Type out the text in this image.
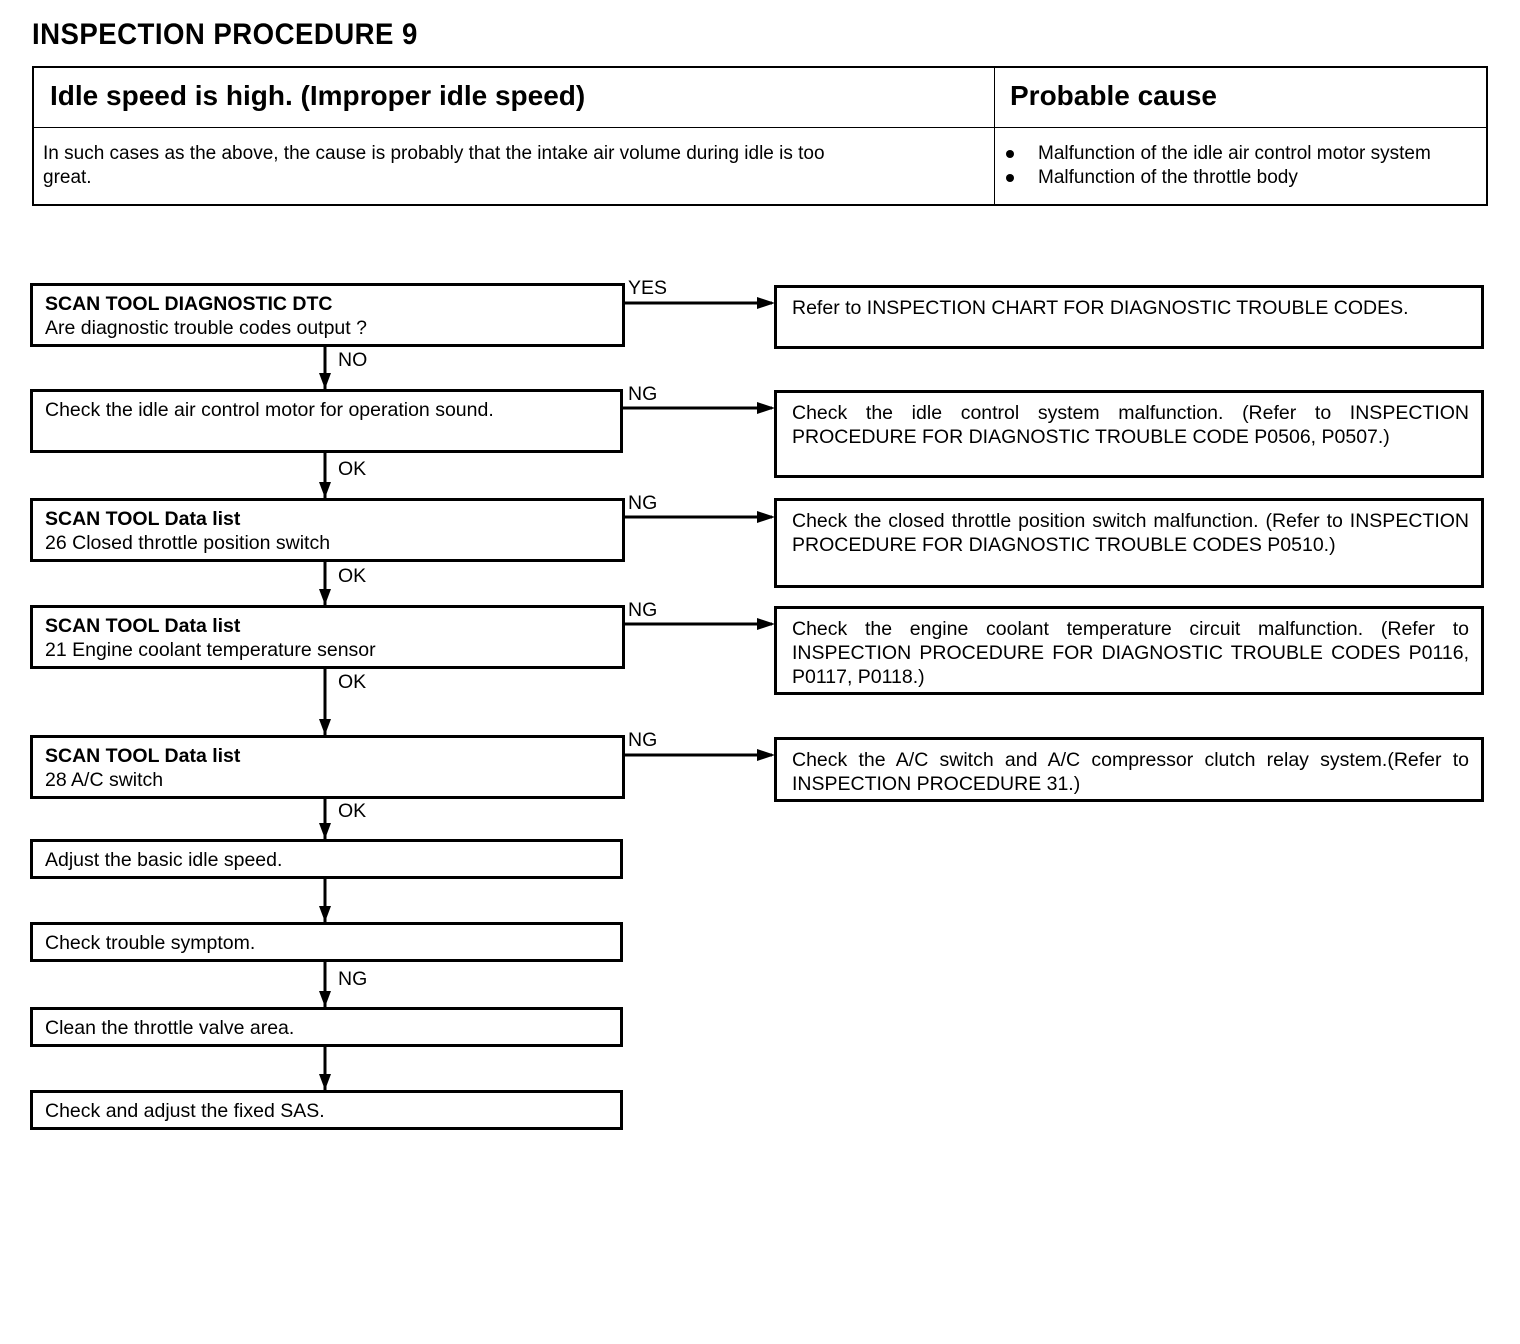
INSPECTION PROCEDURE 9
Idle speed is high. (Improper idle speed)	Probable cause
In such cases as the above, the cause is probably that the intake air volume during idle is too
great.
Malfunction of the idle air control motor system
Malfunction of the throttle body
SCAN TOOL DIAGNOSTIC DTC
Are diagnostic trouble codes output ?
Check the idle air control motor for operation sound.
SCAN TOOL Data list
26 Closed throttle position switch
SCAN TOOL Data list
21 Engine coolant temperature sensor
SCAN TOOL Data list
28 A/C switch
Adjust the basic idle speed.
Check trouble symptom.
Clean the throttle valve area.
Check and adjust the fixed SAS.
Refer to INSPECTION CHART FOR DIAGNOSTIC TROUBLE CODES.
Check the idle control system malfunction. (Refer to INSPECTION PROCEDURE FOR DIAGNOSTIC TROUBLE CODE P0506, P0507.)
Check the closed throttle position switch malfunction. (Refer to INSPECTION PROCEDURE FOR DIAGNOSTIC TROUBLE CODES P0510.)
Check the engine coolant temperature circuit malfunction. (Refer to INSPECTION PROCEDURE FOR DIAGNOSTIC TROUBLE CODES P0116, P0117, P0118.)
Check the A/C switch and A/C compressor clutch relay system.(Refer to INSPECTION PROCEDURE 31.)
NO
OK
OK
OK
OK
NG
YES
NG
NG
NG
NG
